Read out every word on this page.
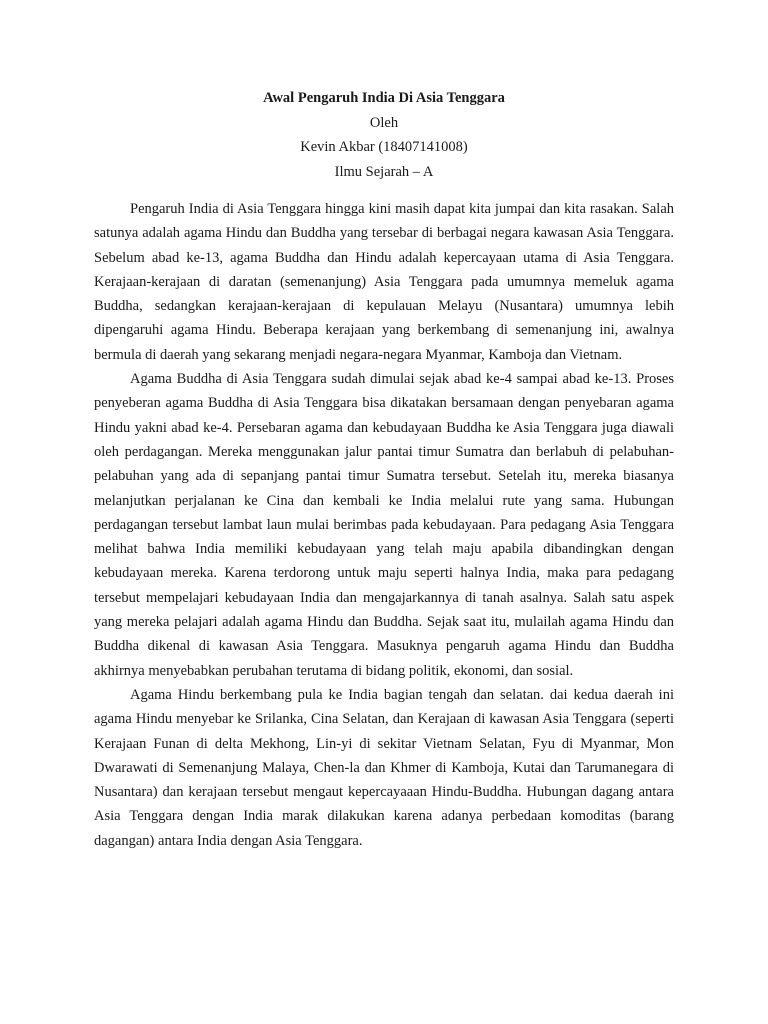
Awal Pengaruh India Di Asia Tenggara
Oleh
Kevin Akbar (18407141008)
Ilmu Sejarah – A

Pengaruh India di Asia Tenggara hingga kini masih dapat kita jumpai dan kita rasakan. Salah satunya adalah agama Hindu dan Buddha yang tersebar di berbagai negara kawasan Asia Tenggara. Sebelum abad ke-13, agama Buddha dan Hindu adalah kepercayaan utama di Asia Tenggara. Kerajaan-kerajaan di daratan (semenanjung) Asia Tenggara pada umumnya memeluk agama Buddha, sedangkan kerajaan-kerajaan di kepulauan Melayu (Nusantara) umumnya lebih dipengaruhi agama Hindu. Beberapa kerajaan yang berkembang di semenanjung ini, awalnya bermula di daerah yang sekarang menjadi negara-negara Myanmar, Kamboja dan Vietnam.

Agama Buddha di Asia Tenggara sudah dimulai sejak abad ke-4 sampai abad ke-13. Proses penyeberan agama Buddha di Asia Tenggara bisa dikatakan bersamaan dengan penyebaran agama Hindu yakni abad ke-4. Persebaran agama dan kebudayaan Buddha ke Asia Tenggara juga diawali oleh perdagangan. Mereka menggunakan jalur pantai timur Sumatra dan berlabuh di pelabuhan-pelabuhan yang ada di sepanjang pantai timur Sumatra tersebut. Setelah itu, mereka biasanya melanjutkan perjalanan ke Cina dan kembali ke India melalui rute yang sama. Hubungan perdagangan tersebut lambat laun mulai berimbas pada kebudayaan. Para pedagang Asia Tenggara melihat bahwa India memiliki kebudayaan yang telah maju apabila dibandingkan dengan kebudayaan mereka. Karena terdorong untuk maju seperti halnya India, maka para pedagang tersebut mempelajari kebudayaan India dan mengajarkannya di tanah asalnya. Salah satu aspek yang mereka pelajari adalah agama Hindu dan Buddha. Sejak saat itu, mulailah agama Hindu dan Buddha dikenal di kawasan Asia Tenggara. Masuknya pengaruh agama Hindu dan Buddha akhirnya menyebabkan perubahan terutama di bidang politik, ekonomi, dan sosial.

Agama Hindu berkembang pula ke India bagian tengah dan selatan. dai kedua daerah ini agama Hindu menyebar ke Srilanka, Cina Selatan, dan Kerajaan di kawasan Asia Tenggara (seperti Kerajaan Funan di delta Mekhong, Lin-yi di sekitar Vietnam Selatan, Fyu di Myanmar, Mon Dwarawati di Semenanjung Malaya, Chen-la dan Khmer di Kamboja, Kutai dan Tarumanegara di Nusantara) dan kerajaan tersebut mengaut kepercayaaan Hindu-Buddha. Hubungan dagang antara Asia Tenggara dengan India marak dilakukan karena adanya perbedaan komoditas (barang dagangan) antara India dengan Asia Tenggara.
